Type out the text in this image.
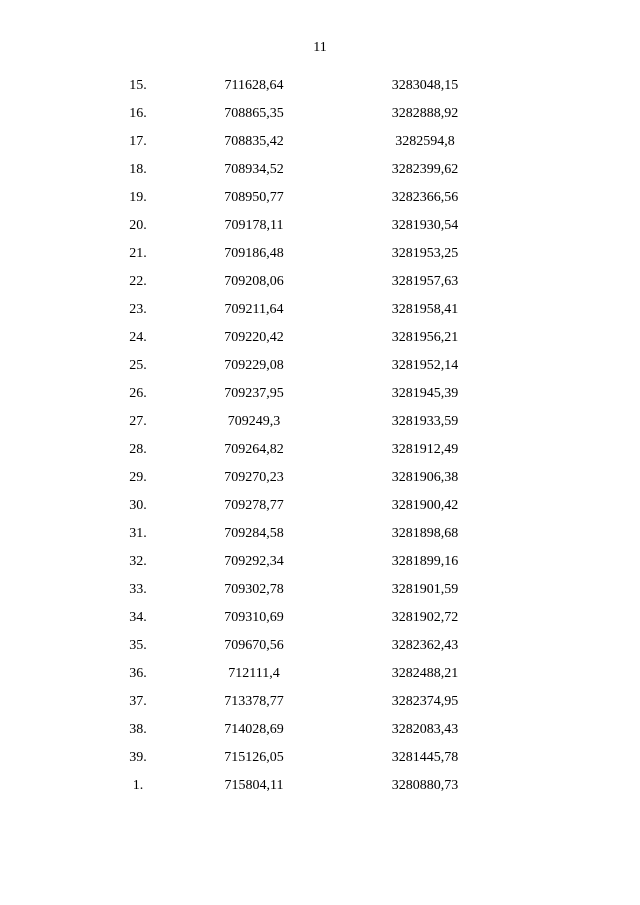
11
15.	711628,64	3283048,15
16.	708865,35	3282888,92
17.	708835,42	3282594,8
18.	708934,52	3282399,62
19.	708950,77	3282366,56
20.	709178,11	3281930,54
21.	709186,48	3281953,25
22.	709208,06	3281957,63
23.	709211,64	3281958,41
24.	709220,42	3281956,21
25.	709229,08	3281952,14
26.	709237,95	3281945,39
27.	709249,3	3281933,59
28.	709264,82	3281912,49
29.	709270,23	3281906,38
30.	709278,77	3281900,42
31.	709284,58	3281898,68
32.	709292,34	3281899,16
33.	709302,78	3281901,59
34.	709310,69	3281902,72
35.	709670,56	3282362,43
36.	712111,4	3282488,21
37.	713378,77	3282374,95
38.	714028,69	3282083,43
39.	715126,05	3281445,78
1.	715804,11	3280880,73
